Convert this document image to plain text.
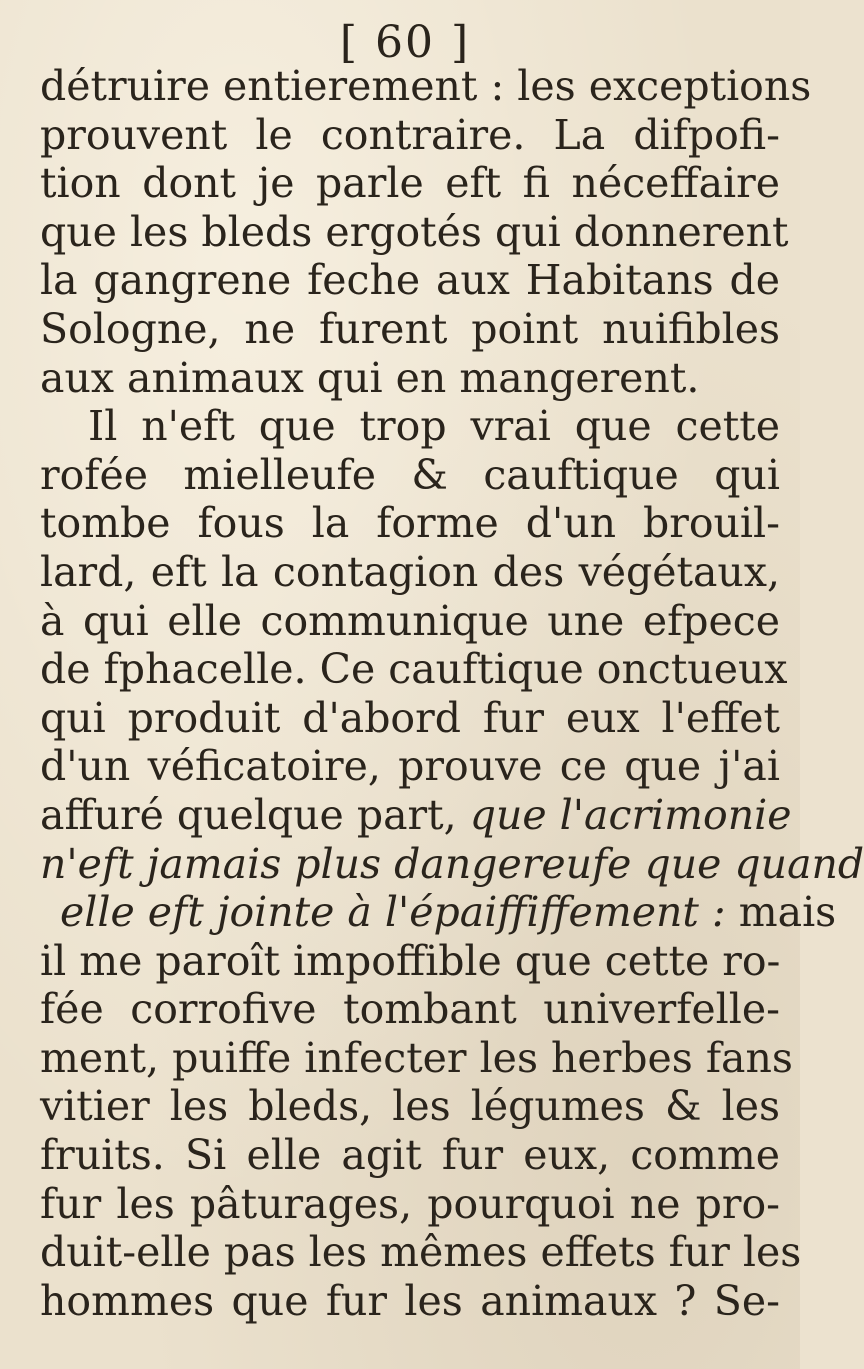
[ 60 ]
détruire entierement : les exceptions
prouvent le contraire. La difpofi-
tion dont je parle eft fi néceffaire
que les bleds ergotés qui donnerent
la gangrene feche aux Habitans de
Sologne, ne furent point nuifibles
aux animaux qui en mangerent.
Il n'eft que trop vrai que cette
rofée mielleufe & cauftique qui
tombe fous la forme d'un brouil-
lard, eft la contagion des végétaux,
à qui elle communique une efpece
de fphacelle. Ce cauftique onctueux
qui produit d'abord fur eux l'effet
d'un véficatoire, prouve ce que j'ai
affuré quelque part, que l'acrimonie
n'eft jamais plus dangereufe que quand
elle eft jointe à l'épaiffiffement : mais
il me paroît impoffible que cette ro-
fée corrofive tombant univerfelle-
ment, puiffe infecter les herbes fans
vitier les bleds, les légumes & les
fruits. Si elle agit fur eux, comme
fur les pâturages, pourquoi ne pro-
duit-elle pas les mêmes effets fur les
hommes que fur les animaux ? Se-
